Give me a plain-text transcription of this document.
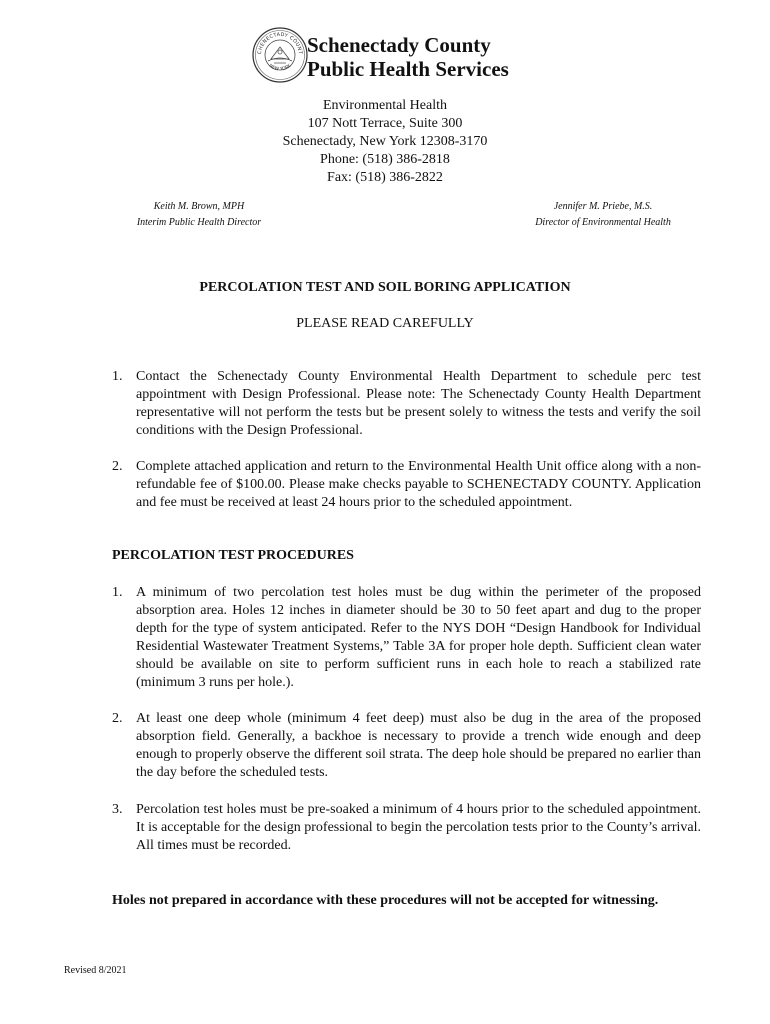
CHENECTADY COUNT
NEW YORK
Schenectady County
Public Health Services
Environmental Health
107 Nott Terrace, Suite 300
Schenectady, New York 12308-3170
Phone: (518) 386-2818
Fax: (518) 386-2822
Keith M. Brown, MPH
Interim Public Health Director
Jennifer M. Priebe, M.S.
Director of Environmental Health
PERCOLATION TEST AND SOIL BORING APPLICATION
PLEASE READ CAREFULLY
1. Contact the Schenectady County Environmental Health Department to schedule perc test appointment with Design Professional. Please note: The Schenectady County Health Department representative will not perform the tests but be present solely to witness the tests and verify the soil conditions with the Design Professional.
2. Complete attached application and return to the Environmental Health Unit office along with a non-refundable fee of $100.00. Please make checks payable to SCHENECTADY COUNTY. Application and fee must be received at least 24 hours prior to the scheduled appointment.
PERCOLATION TEST PROCEDURES
1. A minimum of two percolation test holes must be dug within the perimeter of the proposed absorption area. Holes 12 inches in diameter should be 30 to 50 feet apart and dug to the proper depth for the type of system anticipated. Refer to the NYS DOH “Design Handbook for Individual Residential Wastewater Treatment Systems,” Table 3A for proper hole depth. Sufficient clean water should be available on site to perform sufficient runs in each hole to reach a stabilized rate (minimum 3 runs per hole.).
2. At least one deep whole (minimum 4 feet deep) must also be dug in the area of the proposed absorption field. Generally, a backhoe is necessary to provide a trench wide enough and deep enough to properly observe the different soil strata. The deep hole should be prepared no earlier than the day before the scheduled tests.
3. Percolation test holes must be pre-soaked a minimum of 4 hours prior to the scheduled appointment. It is acceptable for the design professional to begin the percolation tests prior to the County’s arrival. All times must be recorded.
Holes not prepared in accordance with these procedures will not be accepted for witnessing.
Revised 8/2021
